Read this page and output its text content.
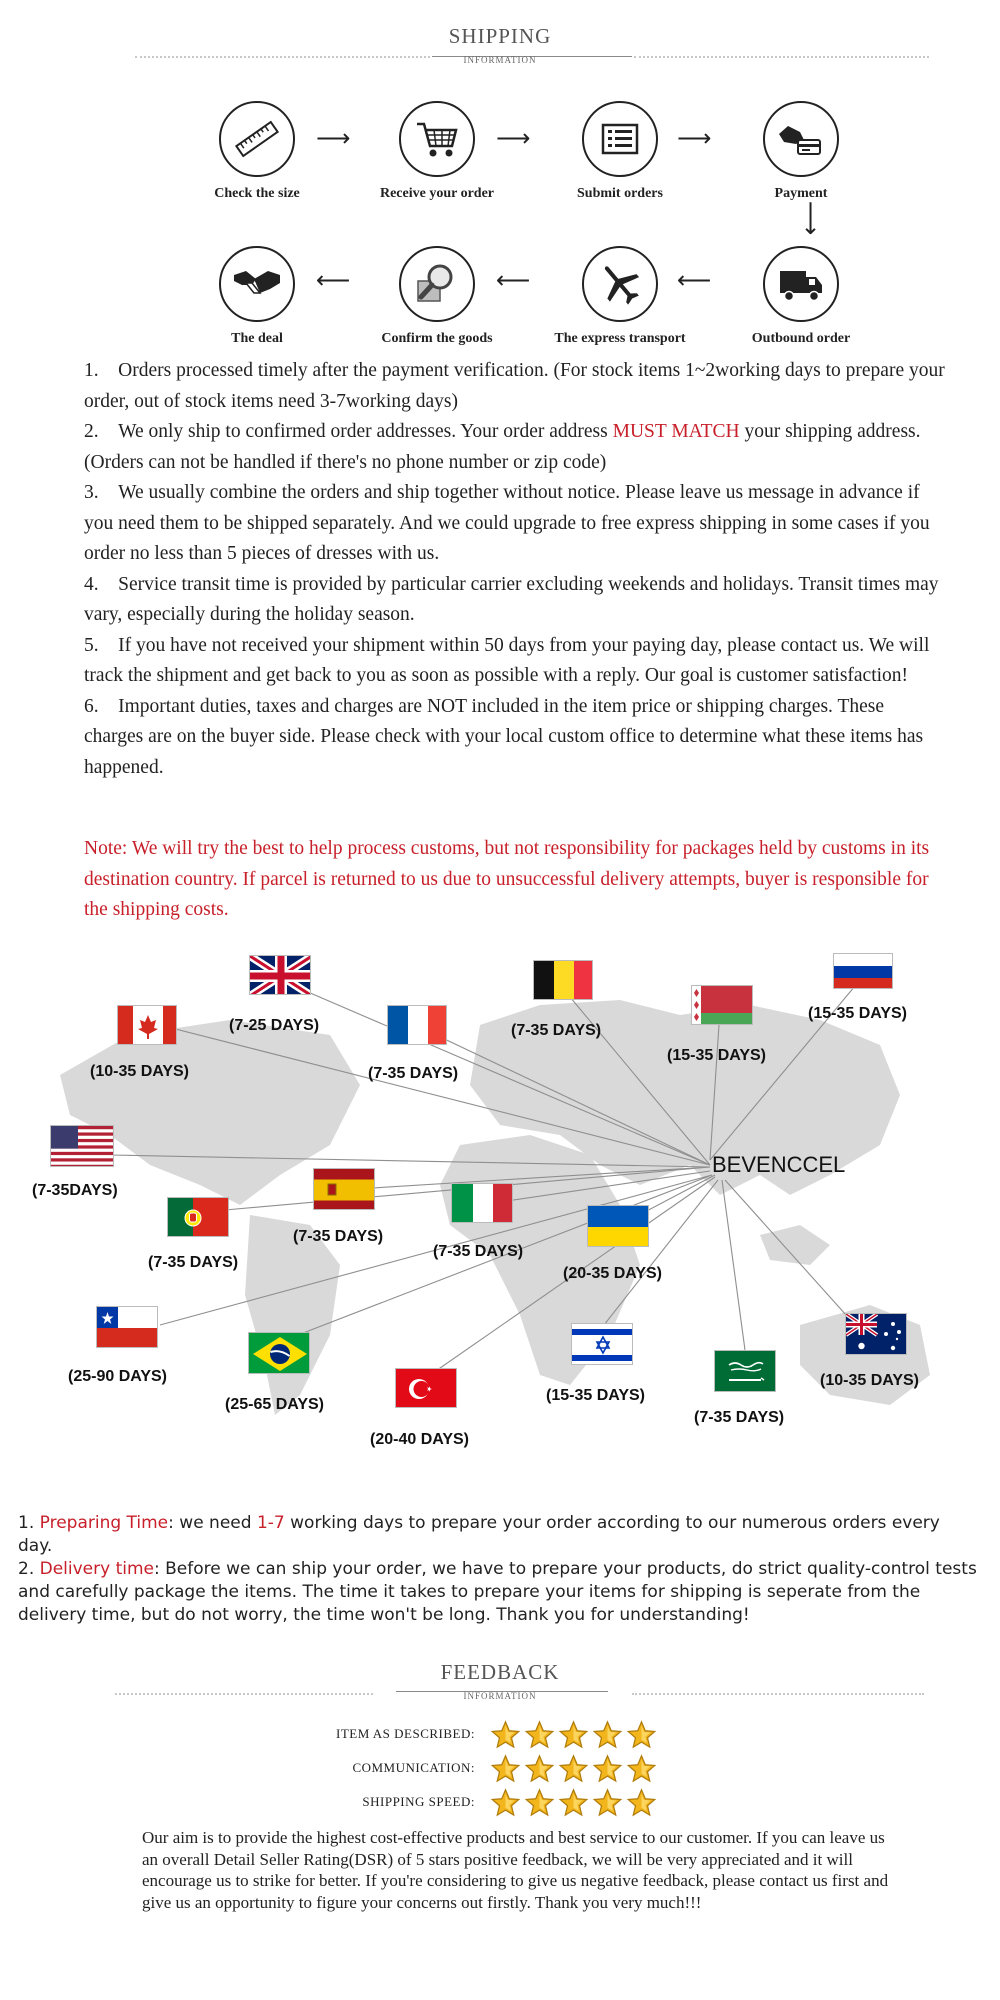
SHIPPING
INFORMATION
Check the size
⟶
Receive your order
⟶
Submit orders
⟶
Payment
⟶
Outbound order
⟶
The express transport
⟶
Confirm the goods
⟶
The deal

1. Orders processed timely after the payment verification. (For stock items 1~2working days to prepare your order, out of stock items need 3-7working days)

2. We only ship to confirmed order addresses. Your order address MUST MATCH your shipping address. (Orders can not be handled if there's no phone number or zip code)

3. We usually combine the orders and ship together without notice. Please leave us message in advance if you need them to be shipped separately. And we could upgrade to free express shipping in some cases if you order no less than 5 pieces of dresses with us.

4. Service transit time is provided by particular carrier excluding weekends and holidays. Transit times may vary, especially during the holiday season.

5. If you have not received your shipment within 50 days from your paying day, please contact us. We will track the shipment and get back to you as soon as possible with a reply. Our goal is customer satisfaction!

6. Important duties, taxes and charges are NOT included in the item price or shipping charges. These charges are on the buyer side. Please check with your local custom office to determine what these items has happened.

Note: We will try the best to help process customs, but not responsibility for packages held by customs in its destination country. If parcel is returned to us due to unsuccessful delivery attempts, buyer is responsible for the shipping costs.
BEVENCCEL
(10-35 DAYS)
(7-25 DAYS)
(7-35 DAYS)
(7-35 DAYS)
(15-35 DAYS)
(15-35 DAYS)
(7-35DAYS)
(7-35 DAYS)
(7-35 DAYS)
(7-35 DAYS)
(20-35 DAYS)
(25-90 DAYS)
(25-65 DAYS)
(20-40 DAYS)
(15-35 DAYS)
(7-35 DAYS)
(10-35 DAYS)

1. Preparing Time: we need 1-7 working days to prepare your order according to our numerous orders every day.

2. Delivery time: Before we can ship your order, we have to prepare your products, do strict quality-control tests and carefully package the items. The time it takes to prepare your items for shipping is seperate from the delivery time, but do not worry, the time won't be long. Thank you for understanding!

FEEDBACK
INFORMATION
ITEM AS DESCRIBED:
COMMUNICATION:
SHIPPING SPEED:
Our aim is to provide the highest cost-effective products and best service to our customer. If you can leave us an overall Detail Seller Rating(DSR) of 5 stars positive feedback, we will be very appreciated and it will encourage us to strike for better. If you're considering to give us negative feedback, please contact us first and give us an opportunity to figure your concerns out firstly. Thank you very much!!!
